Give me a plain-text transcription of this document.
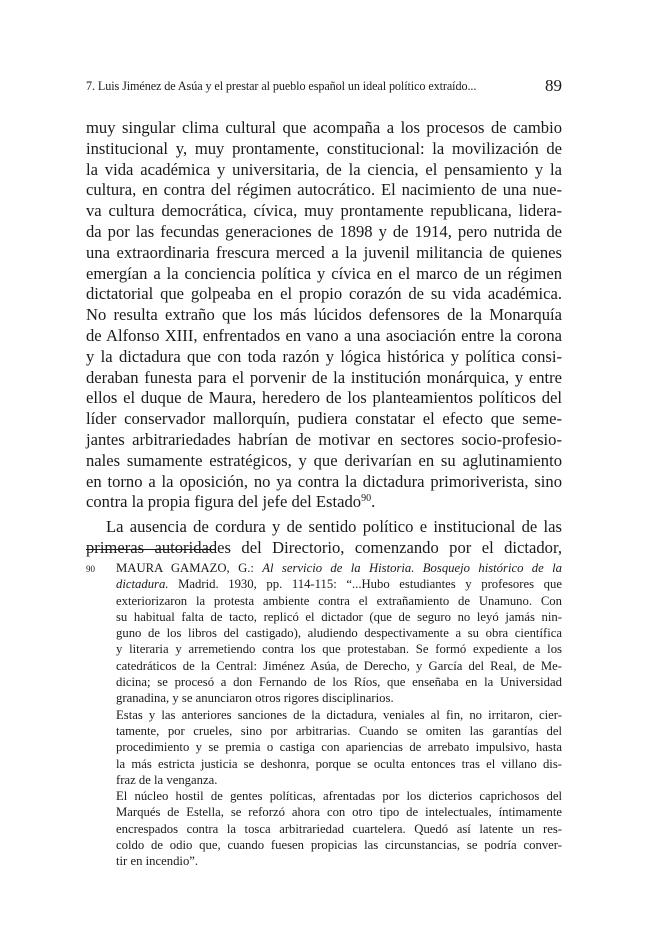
7. Luis Jiménez de Asúa y el prestar al pueblo español un ideal político extraído...	89
muy singular clima cultural que acompaña a los procesos de cambio
institucional y, muy prontamente, constitucional: la movilización de
la vida académica y universitaria, de la ciencia, el pensamiento y la
cultura, en contra del régimen autocrático. El nacimiento de una nue-
va cultura democrática, cívica, muy prontamente republicana, lidera-
da por las fecundas generaciones de 1898 y de 1914, pero nutrida de
una extraordinaria frescura merced a la juvenil militancia de quienes
emergían a la conciencia política y cívica en el marco de un régimen
dictatorial que golpeaba en el propio corazón de su vida académica.
No resulta extraño que los más lúcidos defensores de la Monarquía
de Alfonso XIII, enfrentados en vano a una asociación entre la corona
y la dictadura que con toda razón y lógica histórica y política consi-
deraban funesta para el porvenir de la institución monárquica, y entre
ellos el duque de Maura, heredero de los planteamientos políticos del
líder conservador mallorquín, pudiera constatar el efecto que seme-
jantes arbitrariedades habrían de motivar en sectores socio-profesio-
nales sumamente estratégicos, y que derivarían en su aglutinamiento
en torno a la oposición, no ya contra la dictadura primoriverista, sino
contra la propia figura del jefe del Estado$^{90}$.
La ausencia de cordura y de sentido político e institucional de las
primeras autoridades del Directorio, comenzando por el dictador,
90 MAURA GAMAZO, G.: Al servicio de la Historia. Bosquejo histórico de la
dictadura. Madrid. 1930, pp. 114-115: “...Hubo estudiantes y profesores que
exteriorizaron la protesta ambiente contra el extrañamiento de Unamuno. Con
su habitual falta de tacto, replicó el dictador (que de seguro no leyó jamás nin-
guno de los libros del castigado), aludiendo despectivamente a su obra científica
y literaria y arremetiendo contra los que protestaban. Se formó expediente a los
catedráticos de la Central: Jiménez Asúa, de Derecho, y García del Real, de Me-
dicina; se procesó a don Fernando de los Ríos, que enseñaba en la Universidad
granadina, y se anunciaron otros rigores disciplinarios.
Estas y las anteriores sanciones de la dictadura, veniales al fin, no irritaron, cier-
tamente, por crueles, sino por arbitrarias. Cuando se omiten las garantías del
procedimiento y se premia o castiga con apariencias de arrebato impulsivo, hasta
la más estricta justicia se deshonra, porque se oculta entonces tras el villano dis-
fraz de la venganza.
El núcleo hostil de gentes políticas, afrentadas por los dicterios caprichosos del
Marqués de Estella, se reforzó ahora con otro tipo de intelectuales, íntimamente
encrespados contra la tosca arbitrariedad cuartelera. Quedó así latente un res-
coldo de odio que, cuando fuesen propicias las circunstancias, se podría conver-
tir en incendio”.
